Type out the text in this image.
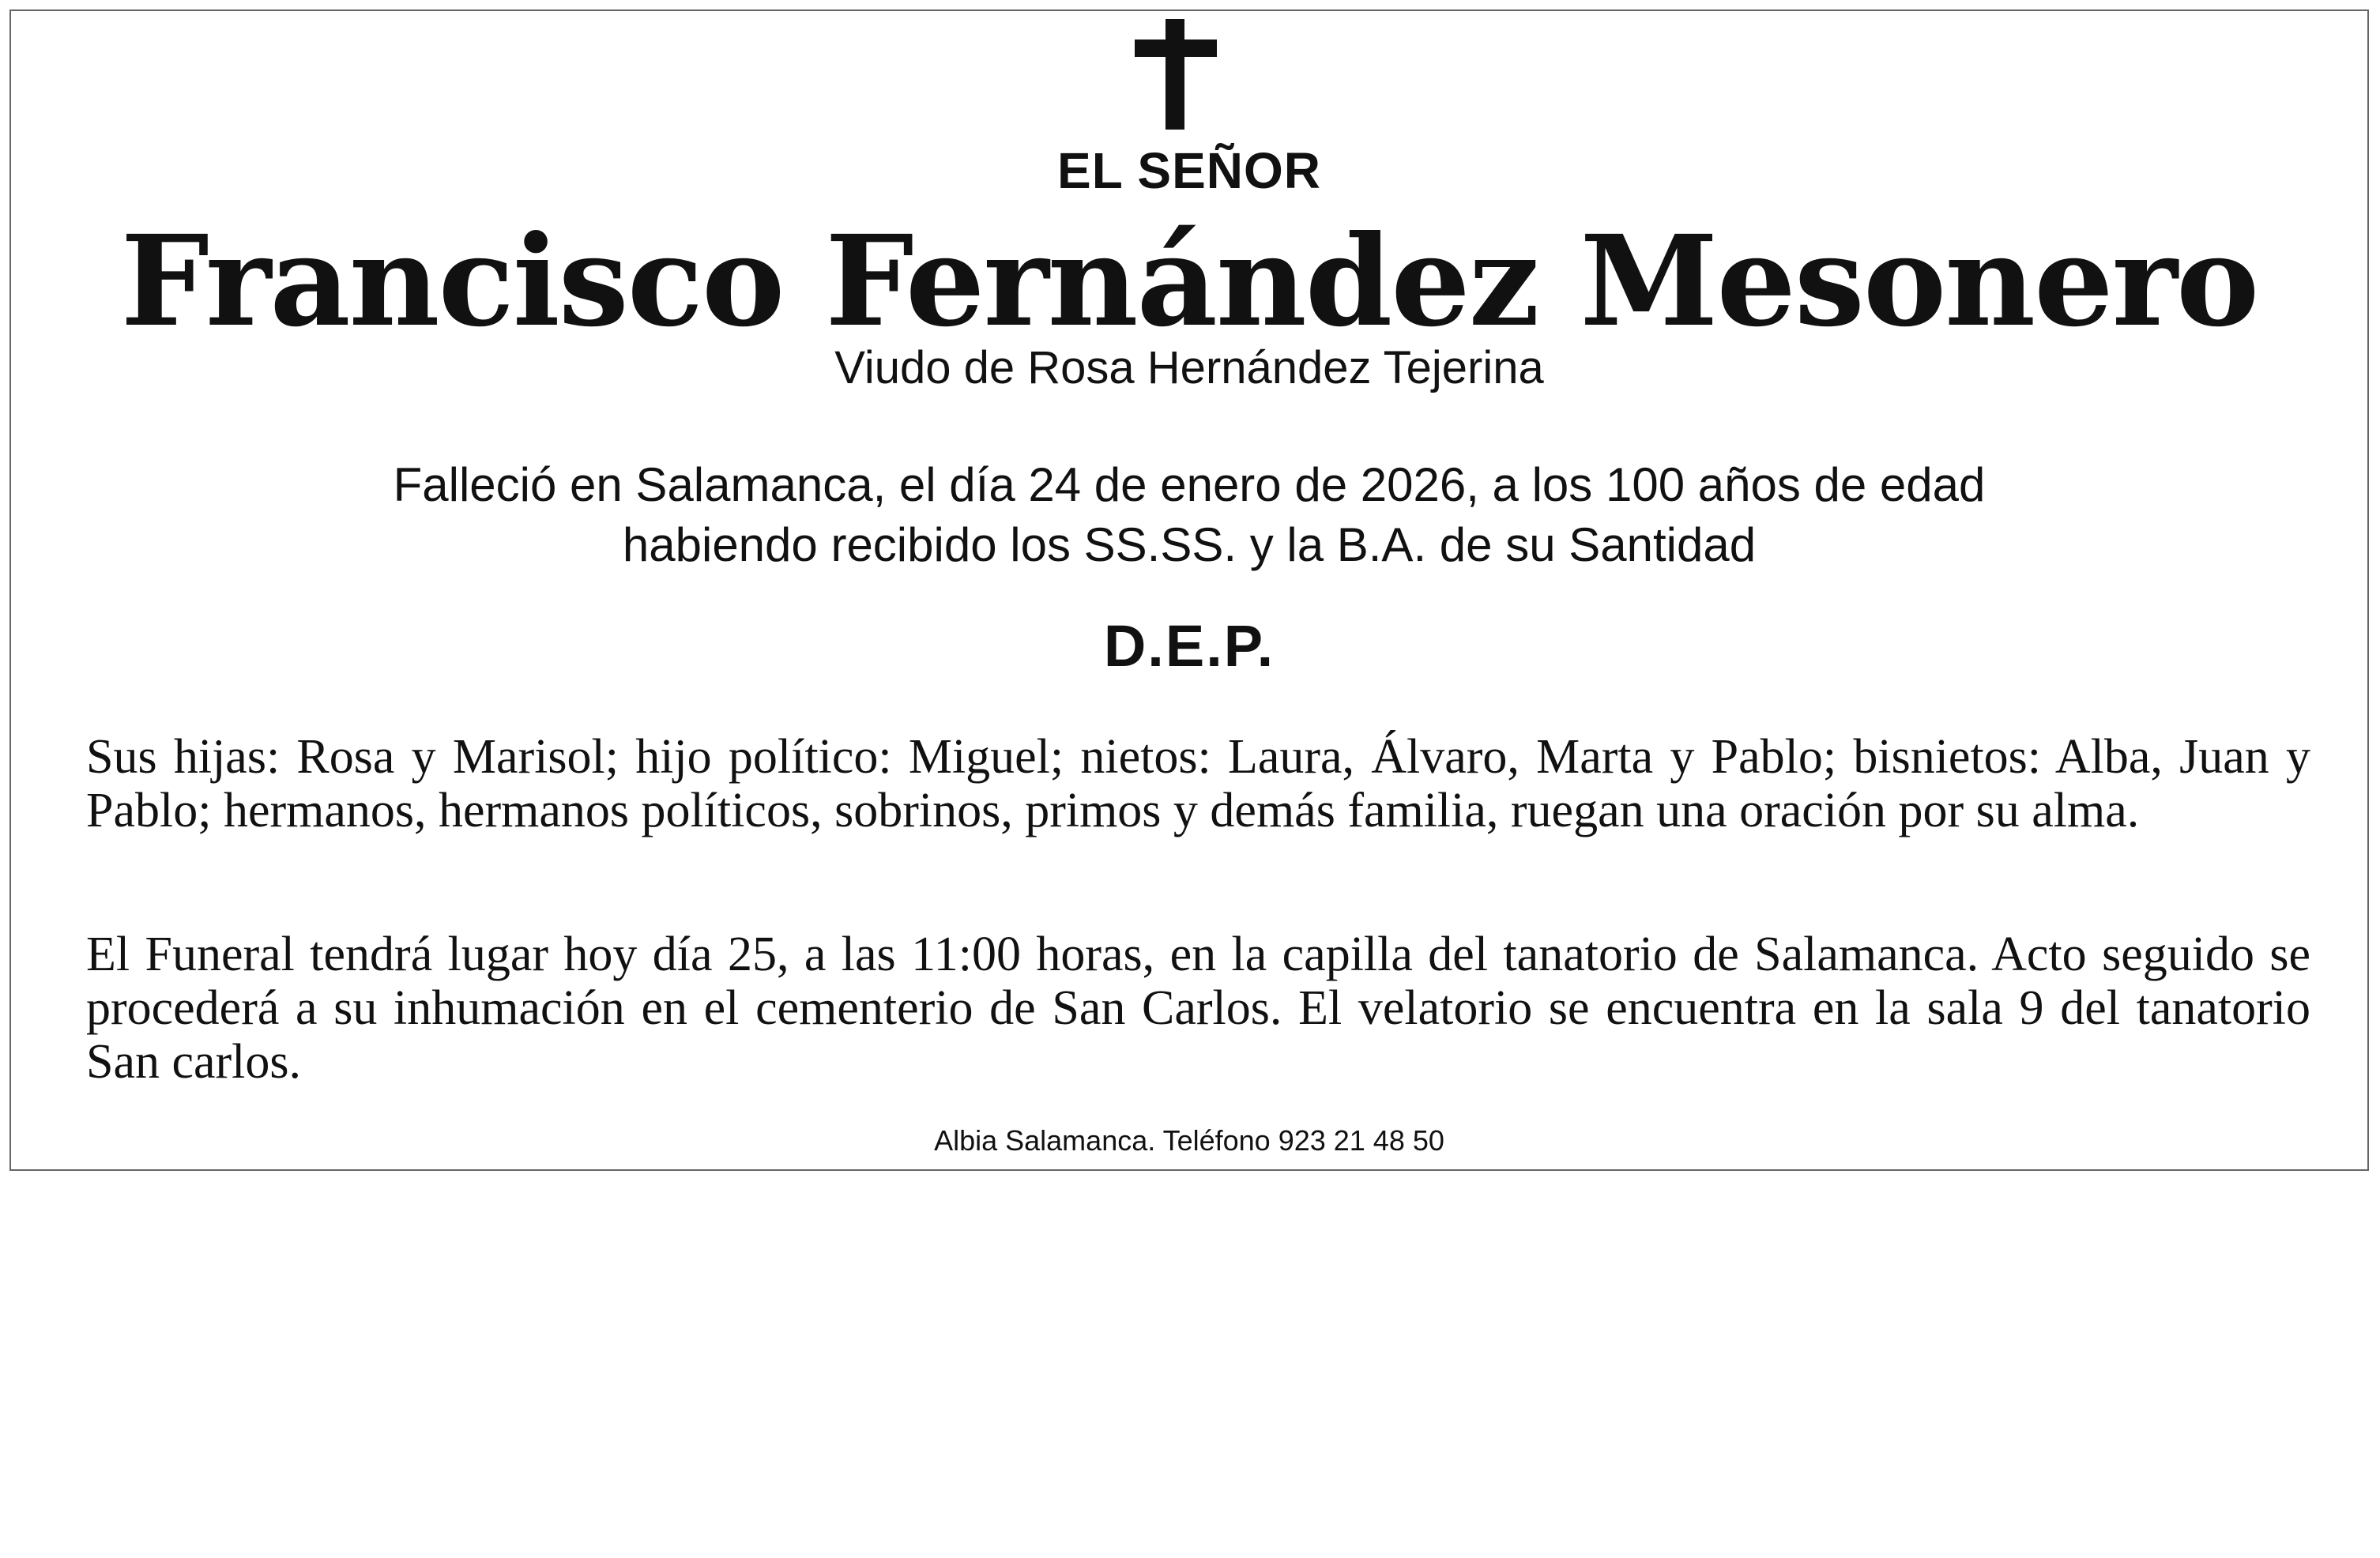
EL SEÑOR
Francisco Fernández Mesonero
Viudo de Rosa Hernández Tejerina
Falleció en Salamanca, el día 24 de enero de 2026, a los 100 años de edad
habiendo recibido los SS.SS. y la B.A. de su Santidad
D.E.P.

Sus hijas: Rosa y Marisol; hijo político: Miguel; nietos: Laura, Álvaro, Marta y Pablo; bisnietos: Alba, Juan y Pablo; hermanos, hermanos políticos, sobrinos, primos y demás familia, ruegan una oración por su alma.

El Funeral tendrá lugar hoy día 25, a las 11:00 horas, en la capilla del tanatorio de Salamanca. Acto seguido se procederá a su inhumación en el cementerio de San Carlos. El velatorio se encuentra en la sala 9 del tanatorio San carlos.

Albia Salamanca. Teléfono 923 21 48 50
